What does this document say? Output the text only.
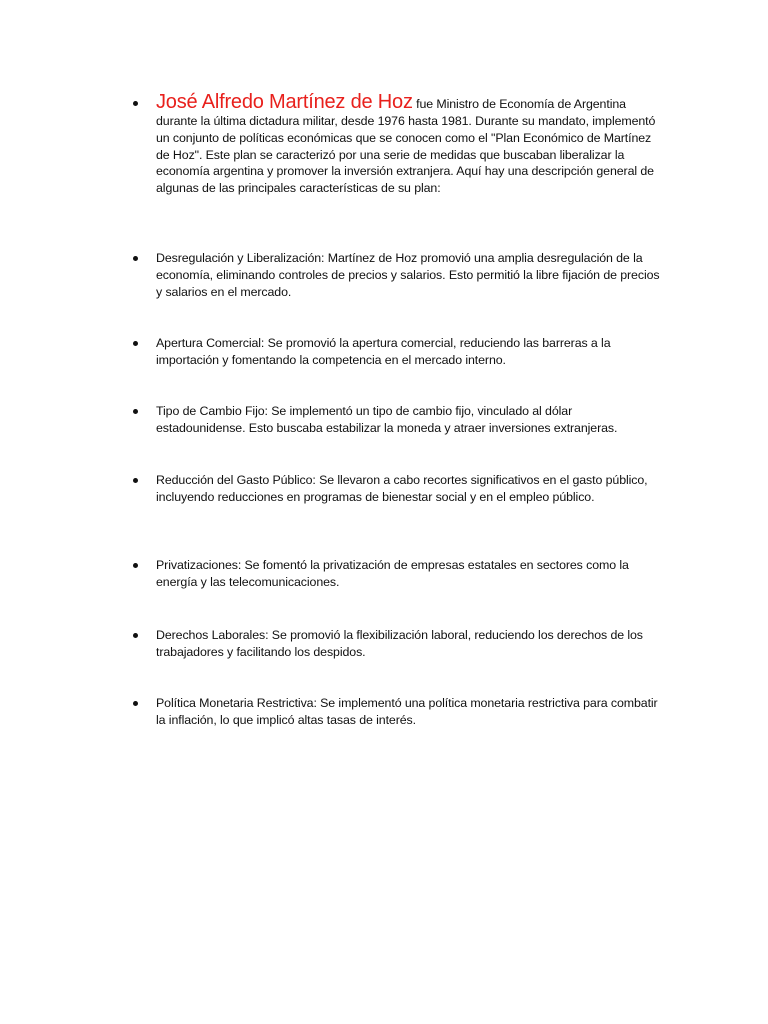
José Alfredo Martínez de Hoz fue Ministro de Economía de Argentina durante la última dictadura militar, desde 1976 hasta 1981. Durante su mandato, implementó un conjunto de políticas económicas que se conocen como el "Plan Económico de Martínez de Hoz". Este plan se caracterizó por una serie de medidas que buscaban liberalizar la economía argentina y promover la inversión extranjera. Aquí hay una descripción general de algunas de las principales características de su plan:
Desregulación y Liberalización: Martínez de Hoz promovió una amplia desregulación de la economía, eliminando controles de precios y salarios. Esto permitió la libre fijación de precios y salarios en el mercado.
Apertura Comercial: Se promovió la apertura comercial, reduciendo las barreras a la importación y fomentando la competencia en el mercado interno.
Tipo de Cambio Fijo: Se implementó un tipo de cambio fijo, vinculado al dólar estadounidense. Esto buscaba estabilizar la moneda y atraer inversiones extranjeras.
Reducción del Gasto Público: Se llevaron a cabo recortes significativos en el gasto público, incluyendo reducciones en programas de bienestar social y en el empleo público.
Privatizaciones: Se fomentó la privatización de empresas estatales en sectores como la energía y las telecomunicaciones.
Derechos Laborales: Se promovió la flexibilización laboral, reduciendo los derechos de los trabajadores y facilitando los despidos.
Política Monetaria Restrictiva: Se implementó una política monetaria restrictiva para combatir la inflación, lo que implicó altas tasas de interés.
